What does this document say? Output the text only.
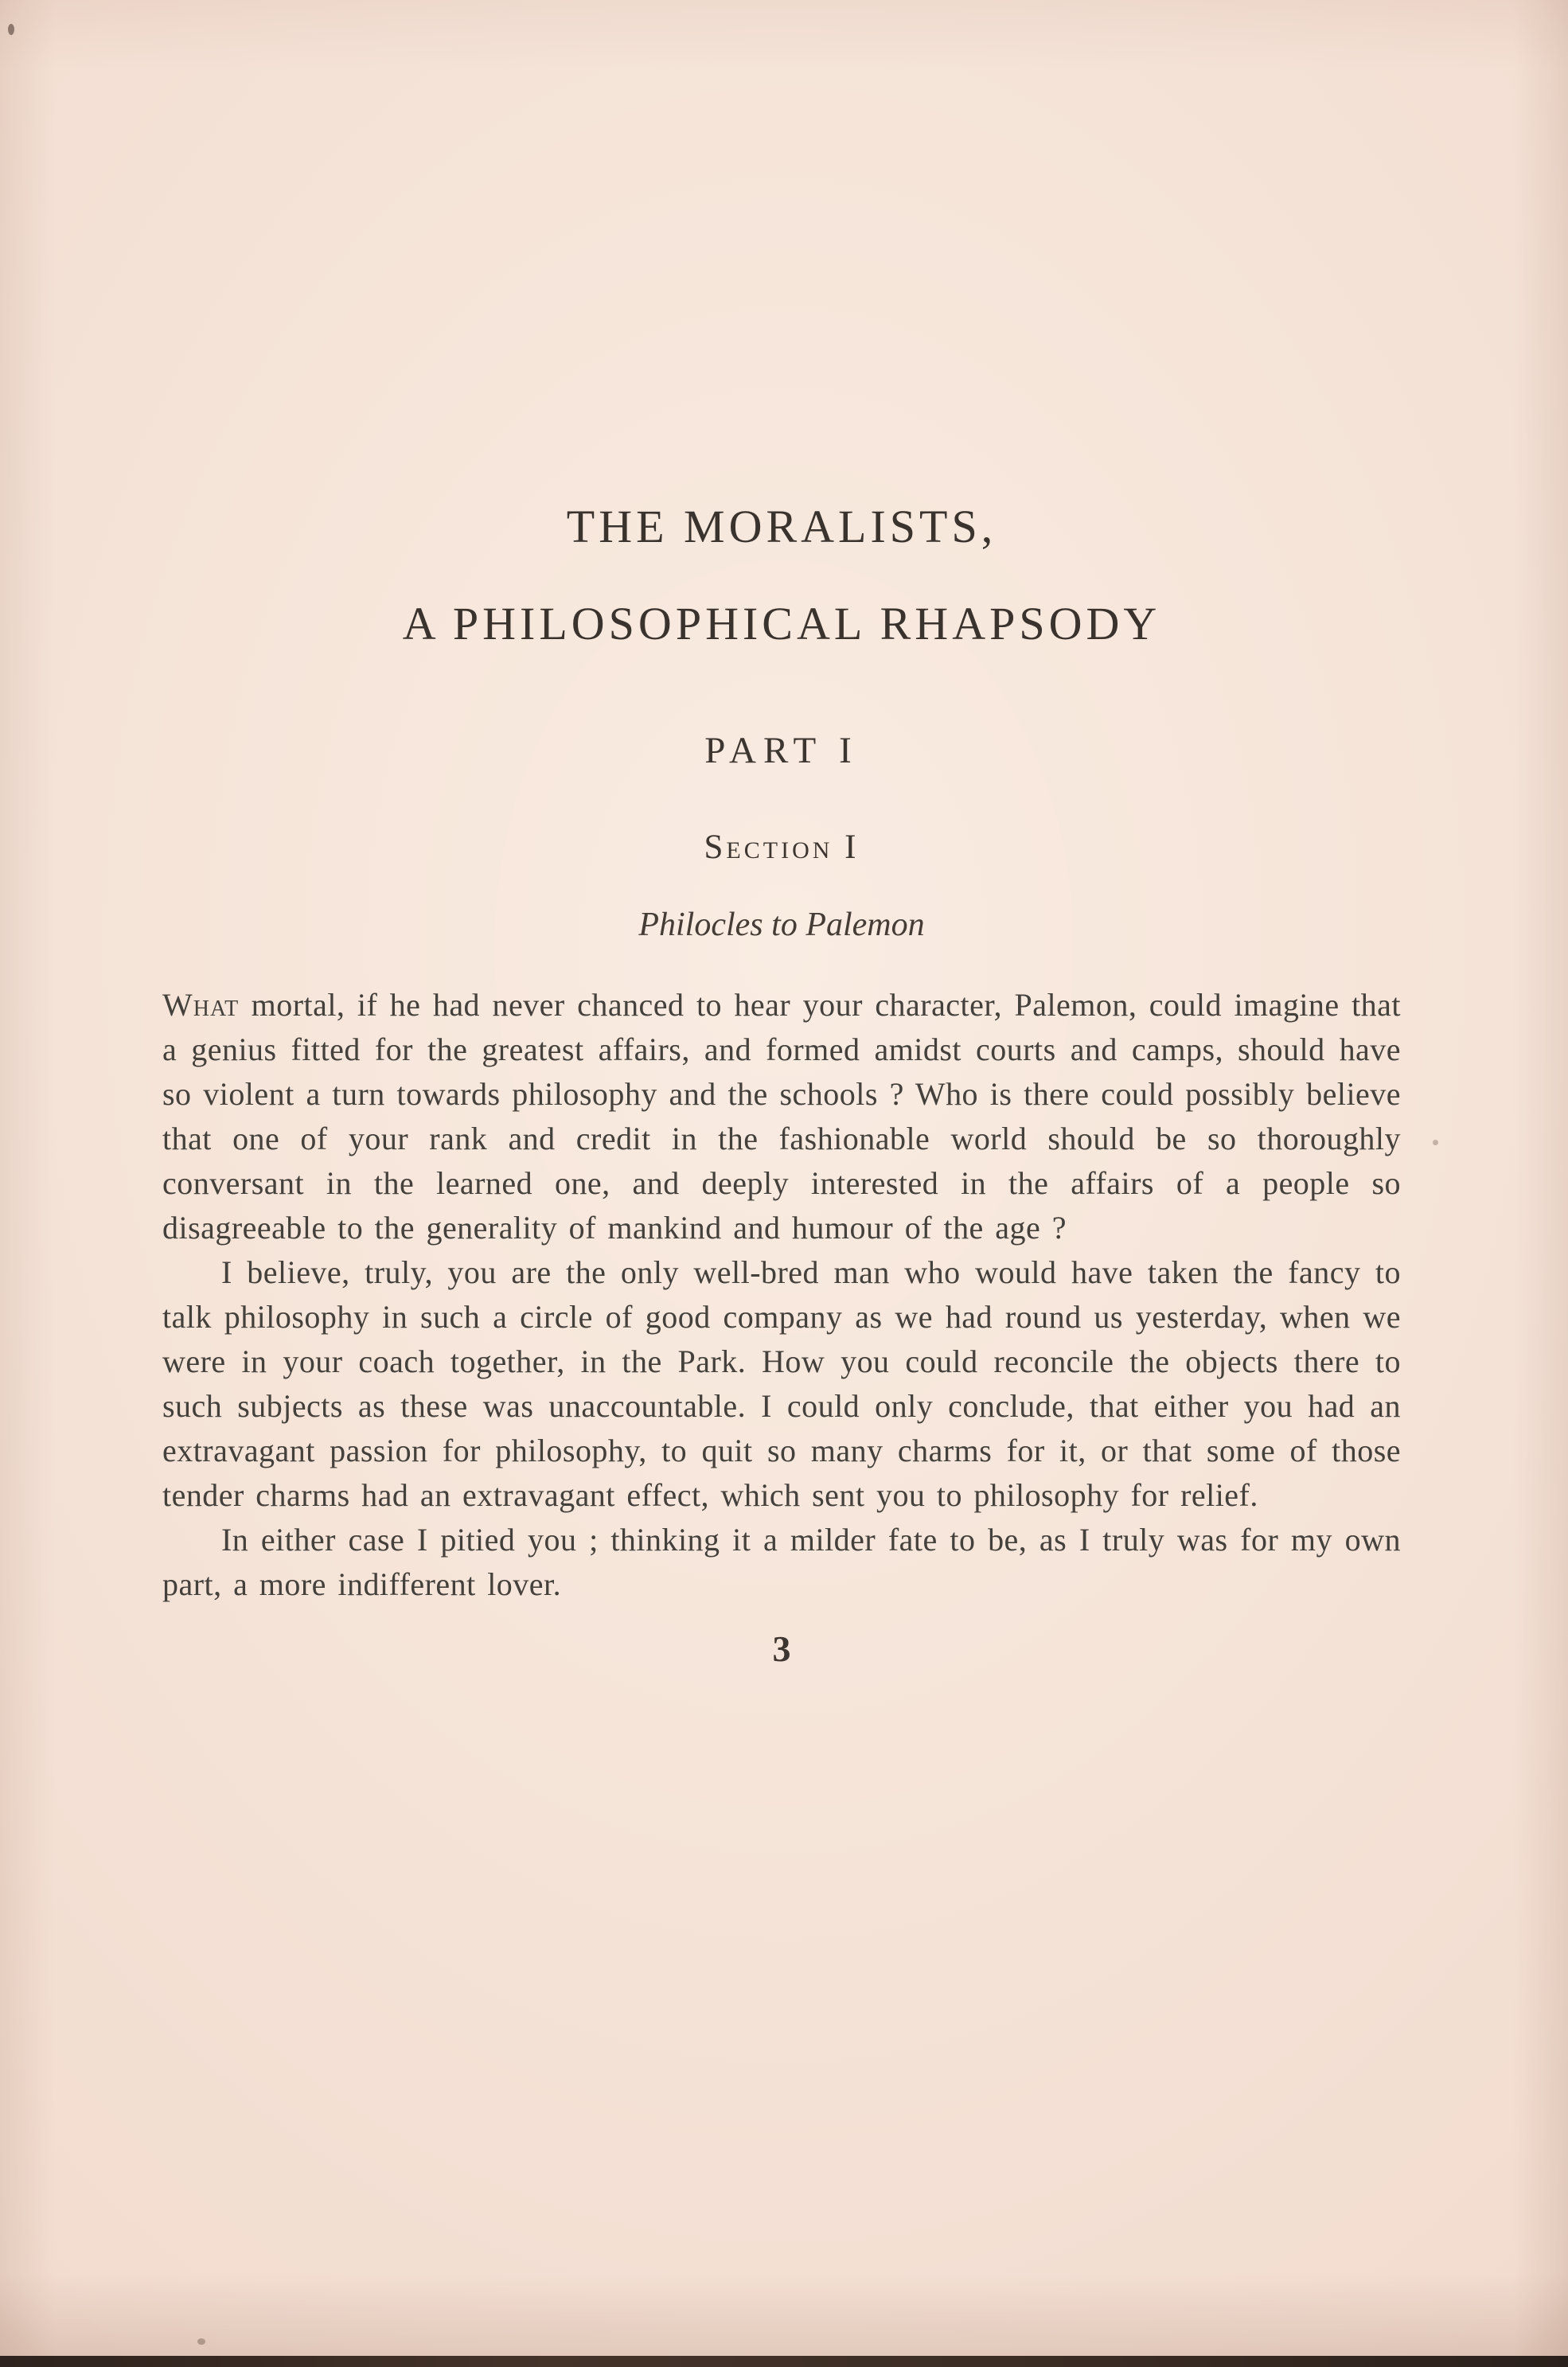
THE MORALISTS,
A PHILOSOPHICAL RHAPSODY
PART I
Section I
Philocles to Palemon

What mortal, if he had never chanced to hear your character, Palemon, could imagine that a genius fitted for the greatest affairs, and formed amidst courts and camps, should have so violent a turn towards philosophy and the schools ? Who is there could possibly believe that one of your rank and credit in the fashionable world should be so thoroughly conversant in the learned one, and deeply interested in the affairs of a people so disagreeable to the generality of mankind and humour of the age ?

I believe, truly, you are the only well-bred man who would have taken the fancy to talk philosophy in such a circle of good company as we had round us yesterday, when we were in your coach together, in the Park. How you could reconcile the objects there to such subjects as these was unaccountable. I could only conclude, that either you had an extravagant passion for philosophy, to quit so many charms for it, or that some of those tender charms had an extravagant effect, which sent you to philosophy for relief.

In either case I pitied you ; thinking it a milder fate to be, as I truly was for my own part, a more indifferent lover.

3
